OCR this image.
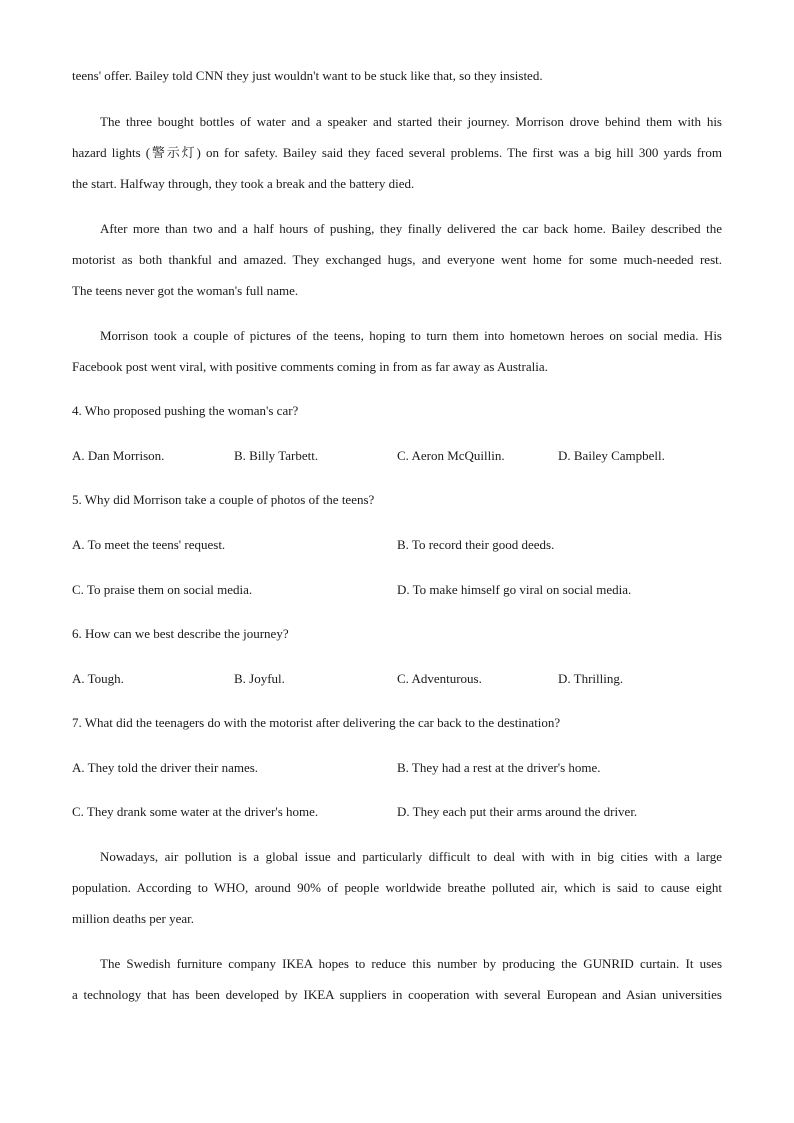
teens' offer. Bailey told CNN they just wouldn't want to be stuck like that, so they insisted.
The three bought bottles of water and a speaker and started their journey. Morrison drove behind them with his
hazard lights (警示灯) on for safety. Bailey said they faced several problems. The first was a big hill 300 yards from
the start. Halfway through, they took a break and the battery died.
After more than two and a half hours of pushing, they finally delivered the car back home. Bailey described the
motorist as both thankful and amazed. They exchanged hugs, and everyone went home for some much-needed rest.
The teens never got the woman's full name.
Morrison took a couple of pictures of the teens, hoping to turn them into hometown heroes on social media. His
Facebook post went viral, with positive comments coming in from as far away as Australia.
4. Who proposed pushing the woman's car?
A. Dan Morrison.	B. Billy Tarbett.	C. Aeron McQuillin.	D. Bailey Campbell.
5. Why did Morrison take a couple of photos of the teens?
A. To meet the teens' request.	B. To record their good deeds.
C. To praise them on social media.	D. To make himself go viral on social media.
6. How can we best describe the journey?
A. Tough.	B. Joyful.	C. Adventurous.	D. Thrilling.
7. What did the teenagers do with the motorist after delivering the car back to the destination?
A. They told the driver their names.	B. They had a rest at the driver's home.
C. They drank some water at the driver's home.	D. They each put their arms around the driver.
Nowadays, air pollution is a global issue and particularly difficult to deal with with in big cities with a large
population. According to WHO, around 90% of people worldwide breathe polluted air, which is said to cause eight
million deaths per year.
The Swedish furniture company IKEA hopes to reduce this number by producing the GUNRID curtain. It uses
a technology that has been developed by IKEA suppliers in cooperation with several European and Asian universities
